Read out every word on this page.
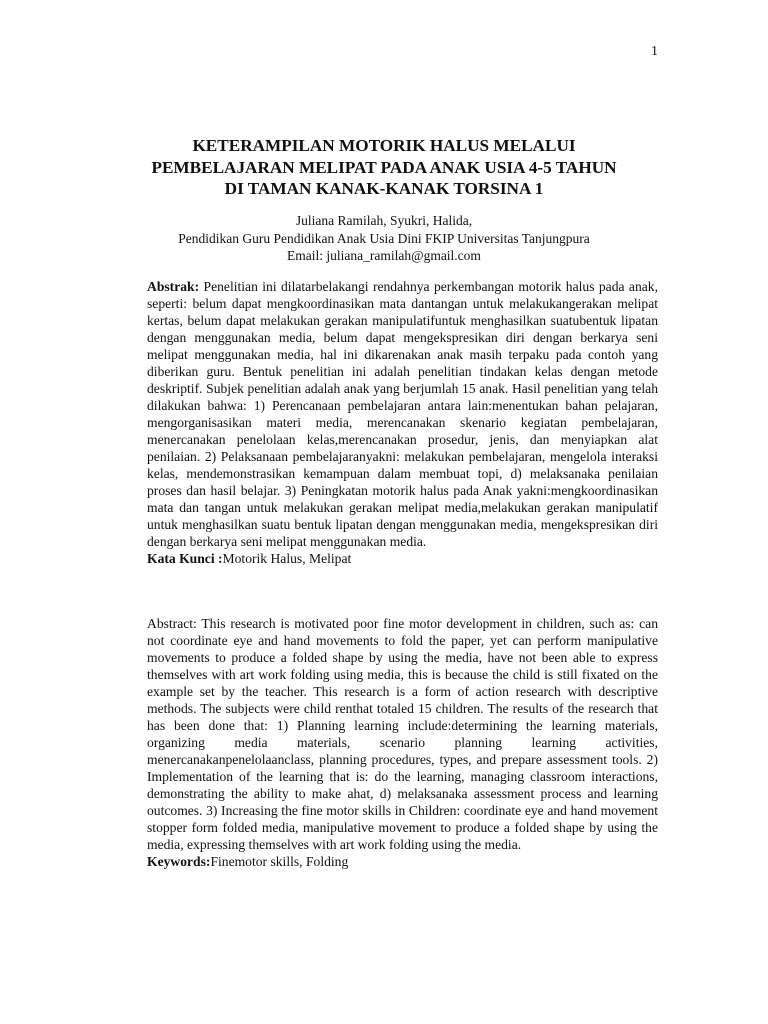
1
KETERAMPILAN MOTORIK HALUS MELALUI
PEMBELAJARAN MELIPAT PADA ANAK USIA 4-5 TAHUN
DI TAMAN KANAK-KANAK TORSINA 1
Juliana Ramilah, Syukri, Halida,
Pendidikan Guru Pendidikan Anak Usia Dini FKIP Universitas Tanjungpura
Email: juliana_ramilah@gmail.com

Abstrak: Penelitian ini dilatarbelakangi rendahnya perkembangan motorik halus pada anak, seperti: belum dapat mengkoordinasikan mata dantangan untuk melakukangerakan melipat kertas, belum dapat melakukan gerakan manipulatifuntuk menghasilkan suatubentuk lipatan dengan menggunakan media, belum dapat mengekspresikan diri dengan berkarya seni melipat menggunakan media, hal ini dikarenakan anak masih terpaku pada contoh yang diberikan guru. Bentuk penelitian ini adalah penelitian tindakan kelas dengan metode deskriptif. Subjek penelitian adalah anak yang berjumlah 15 anak. Hasil penelitian yang telah dilakukan bahwa: 1) Perencanaan pembelajaran antara lain:menentukan bahan pelajaran, mengorganisasikan materi media, merencanakan skenario kegiatan pembelajaran, menercanakan penelolaan kelas,merencanakan prosedur, jenis, dan menyiapkan alat penilaian. 2) Pelaksanaan pembelajaranyakni: melakukan pembelajaran, mengelola interaksi kelas, mendemonstrasikan kemampuan dalam membuat topi, d) melaksanaka penilaian proses dan hasil belajar. 3) Peningkatan motorik halus pada Anak yakni:mengkoordinasikan mata dan tangan untuk melakukan gerakan melipat media,melakukan gerakan manipulatif untuk menghasilkan suatu bentuk lipatan dengan menggunakan media, mengekspresikan diri dengan berkarya seni melipat menggunakan media.

Kata Kunci :Motorik Halus, Melipat

Abstract: This research is motivated poor fine motor development in children, such as: can not coordinate eye and hand movements to fold the paper, yet can perform manipulative movements to produce a folded shape by using the media, have not been able to express themselves with art work folding using media, this is because the child is still fixated on the example set by the teacher. This research is a form of action research with descriptive methods. The subjects were child renthat totaled 15 children. The results of the research that has been done that: 1) Planning learning include:determining the learning materials, organizing media materials, scenario planning learning activities, menercanakanpenelolaanclass, planning procedures, types, and prepare assessment tools. 2) Implementation of the learning that is: do the learning, managing classroom interactions, demonstrating the ability to make ahat, d) melaksanaka assessment process and learning outcomes. 3) Increasing the fine motor skills in Children: coordinate eye and hand movement stopper form folded media, manipulative movement to produce a folded shape by using the media, expressing themselves with art work folding using the media.

Keywords:Finemotor skills, Folding
